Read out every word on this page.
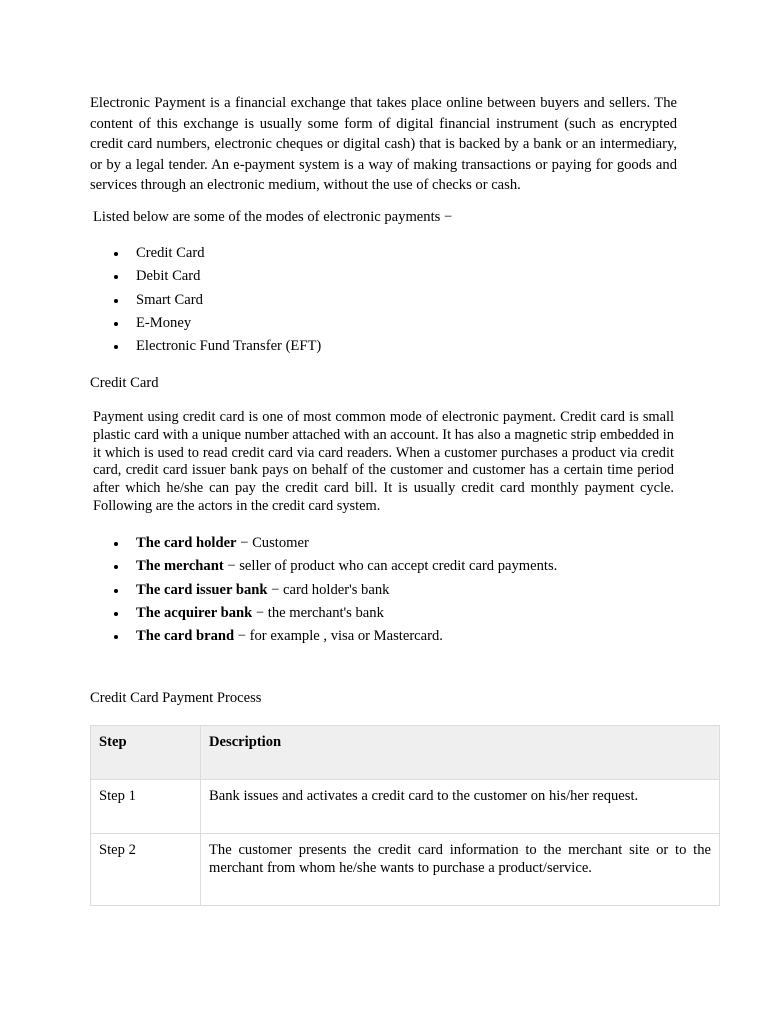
Electronic Payment is a financial exchange that takes place online between buyers and sellers. The content of this exchange is usually some form of digital financial instrument (such as encrypted credit card numbers, electronic cheques or digital cash) that is backed by a bank or an intermediary, or by a legal tender. An e-payment system is a way of making transactions or paying for goods and services through an electronic medium, without the use of checks or cash.

Listed below are some of the modes of electronic payments −

Credit Card
Debit Card
Smart Card
E-Money
Electronic Fund Transfer (EFT)

Credit Card

Payment using credit card is one of most common mode of electronic payment. Credit card is small plastic card with a unique number attached with an account. It has also a magnetic strip embedded in it which is used to read credit card via card readers. When a customer purchases a product via credit card, credit card issuer bank pays on behalf of the customer and customer has a certain time period after which he/she can pay the credit card bill. It is usually credit card monthly payment cycle. Following are the actors in the credit card system.

The card holder − Customer
The merchant − seller of product who can accept credit card payments.
The card issuer bank − card holder's bank
The acquirer bank − the merchant's bank
The card brand − for example , visa or Mastercard.

Credit Card Payment Process

Step	Description
Step 1	Bank issues and activates a credit card to the customer on his/her request.
Step 2	The customer presents the credit card information to the merchant site or to the merchant from whom he/she wants to purchase a product/service.
